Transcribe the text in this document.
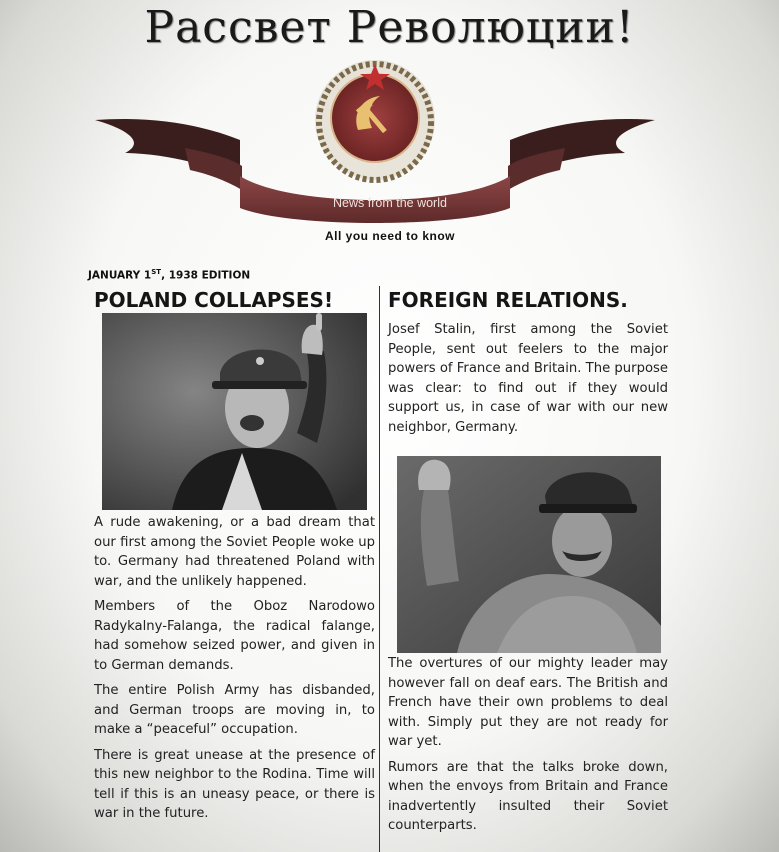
Рассвет Революции!
News from the world
All you need to know
JANUARY 1ST, 1938 EDITION
POLAND COLLAPSES!	FOREIGN RELATIONS.

A rude awakening, or a bad dream that our first among the Soviet People woke up to. Germany had threatened Poland with war, and the unlikely happened.

Members of the Oboz Narodowo Radykalny-Falanga, the radical falange, had somehow seized power, and given in to German demands.

The entire Polish Army has disbanded, and German troops are moving in, to make a “peaceful” occupation.

There is great unease at the presence of this new neighbor to the Rodina. Time will tell if this is an uneasy peace, or there is war in the future.

Josef Stalin, first among the Soviet People, sent out feelers to the major powers of France and Britain. The purpose was clear: to find out if they would support us, in case of war with our new neighbor, Germany.

The overtures of our mighty leader may however fall on deaf ears. The British and French have their own problems to deal with. Simply put they are not ready for war yet.

Rumors are that the talks broke down, when the envoys from Britain and France inadvertently insulted their Soviet counterparts.
